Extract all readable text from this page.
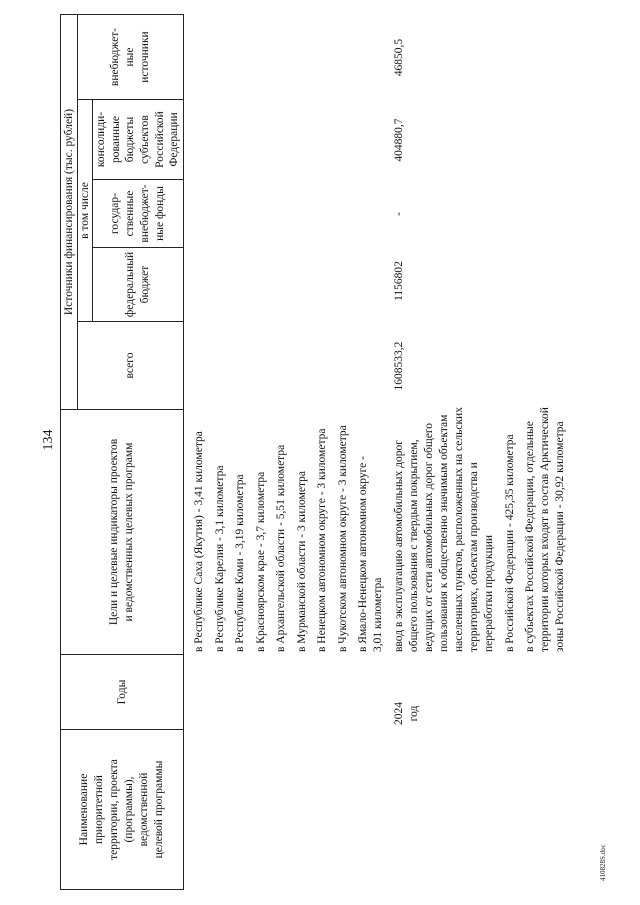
134
Наименование
приоритетной
территории, проекта
(программы),
ведомственной
целевой программы
Годы
Цели и целевые индикаторы проектов
и ведомственных целевых программ
Источники финансирования (тыс. рублей)
всего
в том числе
федеральный
бюджет
государ-
ственные
внебюджет-
ные фонды
консолиди-
рованные
бюджеты
субъектов
Российской
Федерации
внебюджет-
ные
источники
в Республике Саха (Якутия) - 3,41 километра в Республике Карелия - 3,1 километра в Республике Коми - 3,19 километра в Красноярском крае - 3,7 километра в Архангельской области - 5,51 километра в Мурманской области - 3 километра в Ненецком автономном округе - 3 километра в Чукотском автономном округе - 3 километра в Ямало-Ненецком автономном округе -
3,01 километра
2024
год
ввод в эксплуатацию автомобильных дорог
общего пользования с твердым покрытием,
ведущих от сети автомобильных дорог общего
пользования к общественно значимым объектам
населенных пунктов, расположенных на сельских
территориях, объектам производства и
переработки продукции в Российской Федерации - 425,35 километра в субъектах Российской Федерации, отдельные
территории которых входят в состав Арктической
зоны Российской Федерации - 30,92 километра
1608533,2
1156802
-
404880,7
46850,5
410828S.doc
